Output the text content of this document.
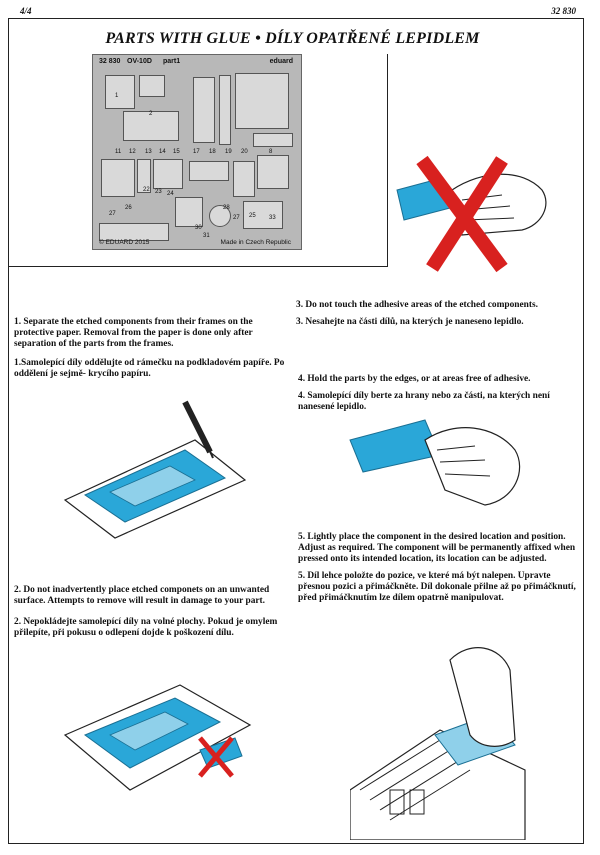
4/4	32 830
PARTS WITH GLUE • DÍLY OPATŘENÉ LEPIDLEM
32 830 OV-10D part1	eduard
1
2
11 12 13 14 15 17 18 19 20	8
22 23 24
27
26	28
27 25 33
30
31
© EDUARD 2015	Made in Czech Republic

1. Separate the etched components from their frames on the protective paper. Removal from the paper is done only after separation of the parts from the frames.

1.Samolepící díly oddělujte od rámečku na podkladovém papíře. Po oddělení je sejmě- krycího papíru.

2. Do not inadvertently place etched componets on an unwanted surface. Attempts to remove will result in damage to your part.

2. Nepokládejte samolepící díly na volné plochy. Pokud je omylem přilepíte, při pokusu o odlepení dojde k poškození dílu.

3. Do not touch the adhesive areas of the etched components.

3. Nesahejte na části dílů, na kterých je naneseno lepidlo.

4. Hold the parts by the edges, or at areas free of adhesive.

4. Samolepící díly berte za hrany nebo za části, na kterých není nanesené lepidlo.

5. Lightly place the component in the desired location and position. Adjust as required. The component will be permanently affixed when pressed onto its intended location, its location can be adjusted.

5. Díl lehce položte do pozice, ve které má být nalepen. Upravte přesnou pozici a přimáčkněte. Díl dokonale přilne až po přimáčknutí, před přimáčknutím lze dílem opatrně manipulovat.
